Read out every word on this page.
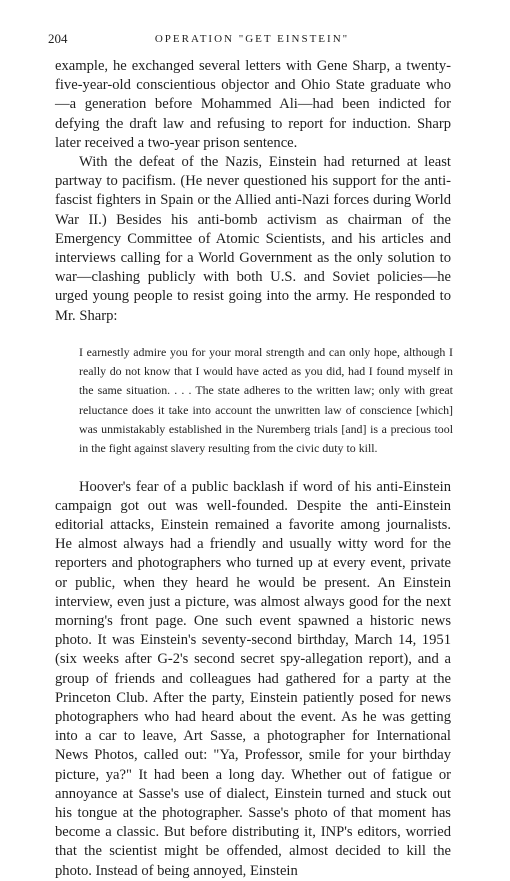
204	OPERATION "GET EINSTEIN"

example, he exchanged several letters with Gene Sharp, a twenty-five-year-old conscientious objector and Ohio State graduate who—a generation before Mohammed Ali—had been indicted for defying the draft law and refusing to report for induction. Sharp later received a two-year prison sentence.

With the defeat of the Nazis, Einstein had returned at least partway to pacifism. (He never questioned his support for the anti-fascist fighters in Spain or the Allied anti-Nazi forces during World War II.) Besides his anti-bomb activism as chairman of the Emergency Committee of Atomic Scientists, and his articles and interviews calling for a World Government as the only solution to war—clashing publicly with both U.S. and Soviet policies—he urged young people to resist going into the army. He responded to Mr. Sharp:

I earnestly admire you for your moral strength and can only hope, although I really do not know that I would have acted as you did, had I found myself in the same situation. . . . The state adheres to the written law; only with great reluctance does it take into account the unwritten law of conscience [which] was unmistakably established in the Nuremberg trials [and] is a precious tool in the fight against slavery resulting from the civic duty to kill.

Hoover's fear of a public backlash if word of his anti-Einstein campaign got out was well-founded. Despite the anti-Einstein editorial attacks, Einstein remained a favorite among journalists. He almost always had a friendly and usually witty word for the reporters and photographers who turned up at every event, private or public, when they heard he would be present. An Einstein interview, even just a picture, was almost always good for the next morning's front page. One such event spawned a historic news photo. It was Einstein's seventy-second birthday, March 14, 1951 (six weeks after G-2's second secret spy-allegation report), and a group of friends and colleagues had gathered for a party at the Princeton Club. After the party, Einstein patiently posed for news photographers who had heard about the event. As he was getting into a car to leave, Art Sasse, a photographer for International News Photos, called out: "Ya, Professor, smile for your birthday picture, ya?" It had been a long day. Whether out of fatigue or annoyance at Sasse's use of dialect, Einstein turned and stuck out his tongue at the photographer. Sasse's photo of that moment has become a classic. But before distributing it, INP's editors, worried that the scientist might be offended, almost decided to kill the photo. Instead of being annoyed, Einstein
